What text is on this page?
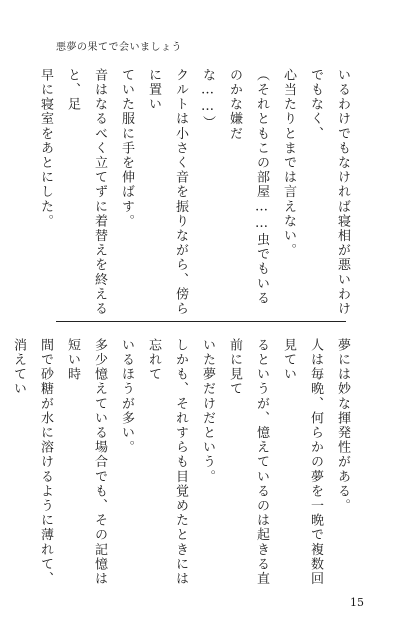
悪夢の果てで会いましょう

いるわけでもなければ寝相が悪いわけでもなく、

心当たりとまでは言えない。

（それともこの部屋……虫でもいるのかな嫌だ

な……）

クルトは小さく音を振りながら、傍らに置い

ていた服に手を伸ばす。

音はなるべく立てずに着替えを終えると、足

早に寝室をあとにした。

夢には妙な揮発性がある。

人は毎晩、何らかの夢を一晩で複数回見てい

るというが、憶えているのは起きる直前に見て

いた夢だけだという。

しかも、それすらも目覚めたときには忘れて

いるほうが多い。

多少憶えている場合でも、その記憶は短い時

間で砂糖が水に溶けるように薄れて、消えてい

15
